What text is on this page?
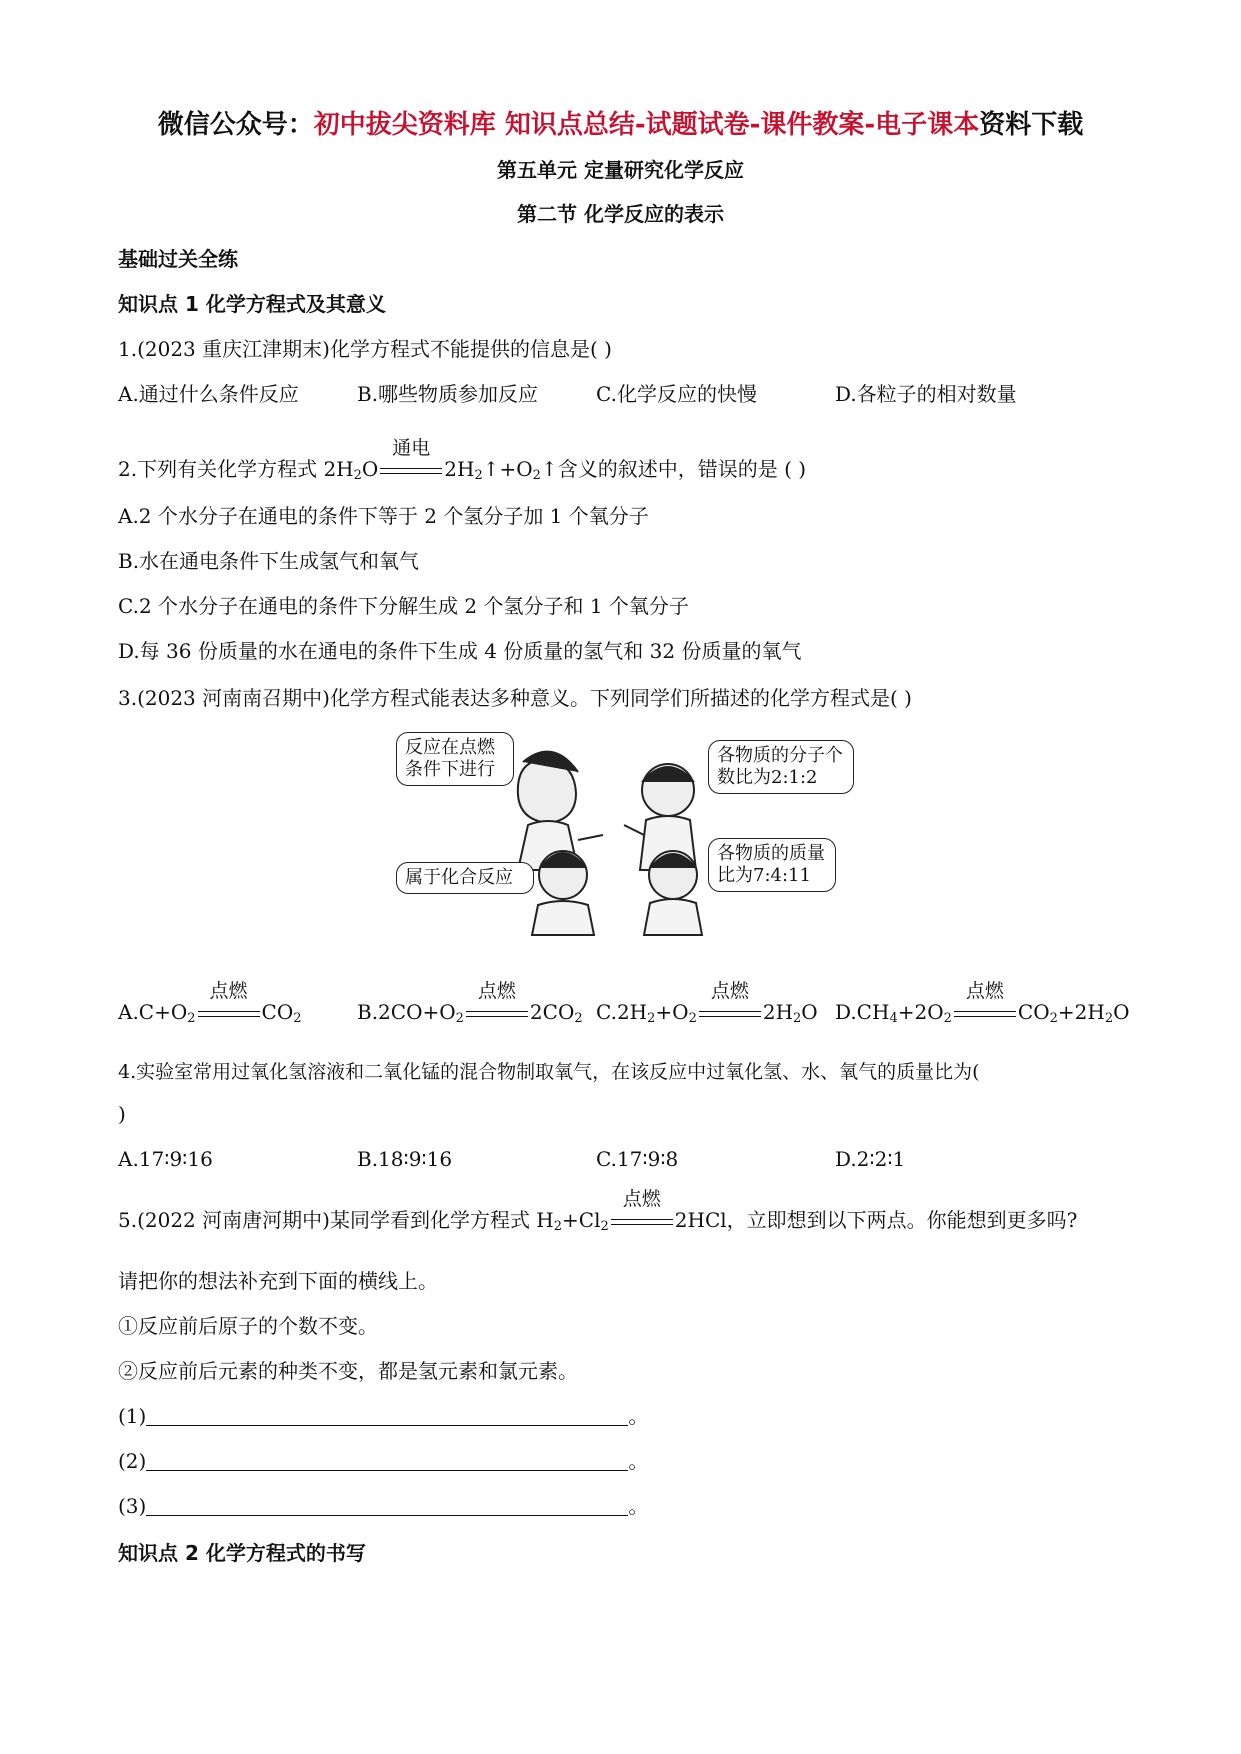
微信公众号：初中拔尖资料库 知识点总结-试题试卷-课件教案-电子课本资料下载
第五单元 定量研究化学反应
第二节 化学反应的表示
基础过关全练
知识点 1 化学方程式及其意义
1.(2023 重庆江津期末)化学方程式不能提供的信息是( )
A.通过什么条件反应	B.哪些物质参加反应	C.化学反应的快慢	D.各粒子的相对数量
2.下列有关化学方程式 $2H_2O$
通电
$2H_2↑+O_2↑$含义的叙述中，错误的是 ( )
A.2 个水分子在通电的条件下等于 2 个氢分子加 1 个氧分子
B.水在通电条件下生成氢气和氧气
C.2 个水分子在通电的条件下分解生成 2 个氢分子和 1 个氧分子
D.每 36 份质量的水在通电的条件下生成 4 份质量的氢气和 32 份质量的氧气
3.(2023 河南南召期中)化学方程式能表达多种意义。下列同学们所描述的化学方程式是( )
反应在点燃条件下进行
各物质的分子个数比为2:1:2
属于化合反应
各物质的质量比为7:4:11
$A.C+O_2$
点燃
$CO_2$	$B.2CO+O_2$
点燃
$2CO_2$ $C.2H_2+O_2$
点燃
$2H_2O$ $D.CH_4+2O_2$
点燃
$CO_2+2H_2O$
4.实验室常用过氧化氢溶液和二氧化锰的混合物制取氧气，在该反应中过氧化氢、水、氧气的质量比为(
)
A.17∶9∶16	B.18∶9∶16	C.17∶9∶8	D.2∶2∶1
5.(2022 河南唐河期中)某同学看到化学方程式 $H_2+Cl_2$
点燃
2HCl，立即想到以下两点。你能想到更多吗?
请把你的想法补充到下面的横线上。
①反应前后原子的个数不变。
②反应前后元素的种类不变，都是氢元素和氯元素。
(1)	。
(2)	。
(3)	。
知识点 2 化学方程式的书写
